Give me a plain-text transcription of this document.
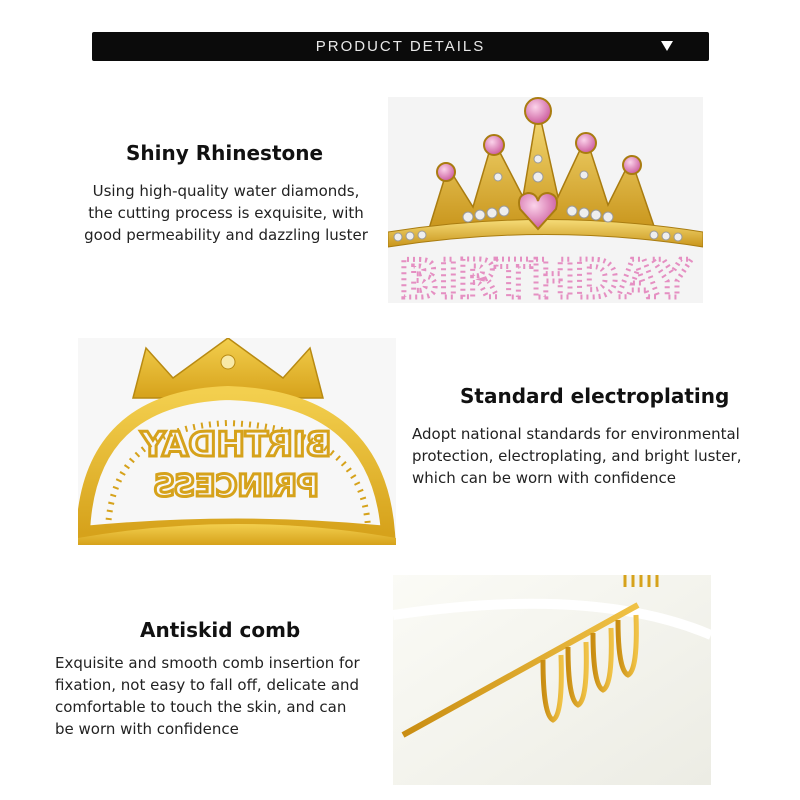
PRODUCT DETAILS
Shiny Rhinestone
Using high-quality water diamonds,
the cutting process is exquisite, with
good permeability and dazzling luster
BIRTHDAY
BIRTHDAY
PRINCESS
Standard electroplating
Adopt national standards for environmental
protection, electroplating, and bright luster,
which can be worn with confidence
Antiskid comb
Exquisite and smooth comb insertion for
fixation, not easy to fall off, delicate and
comfortable to touch the skin, and can
be worn with confidence
